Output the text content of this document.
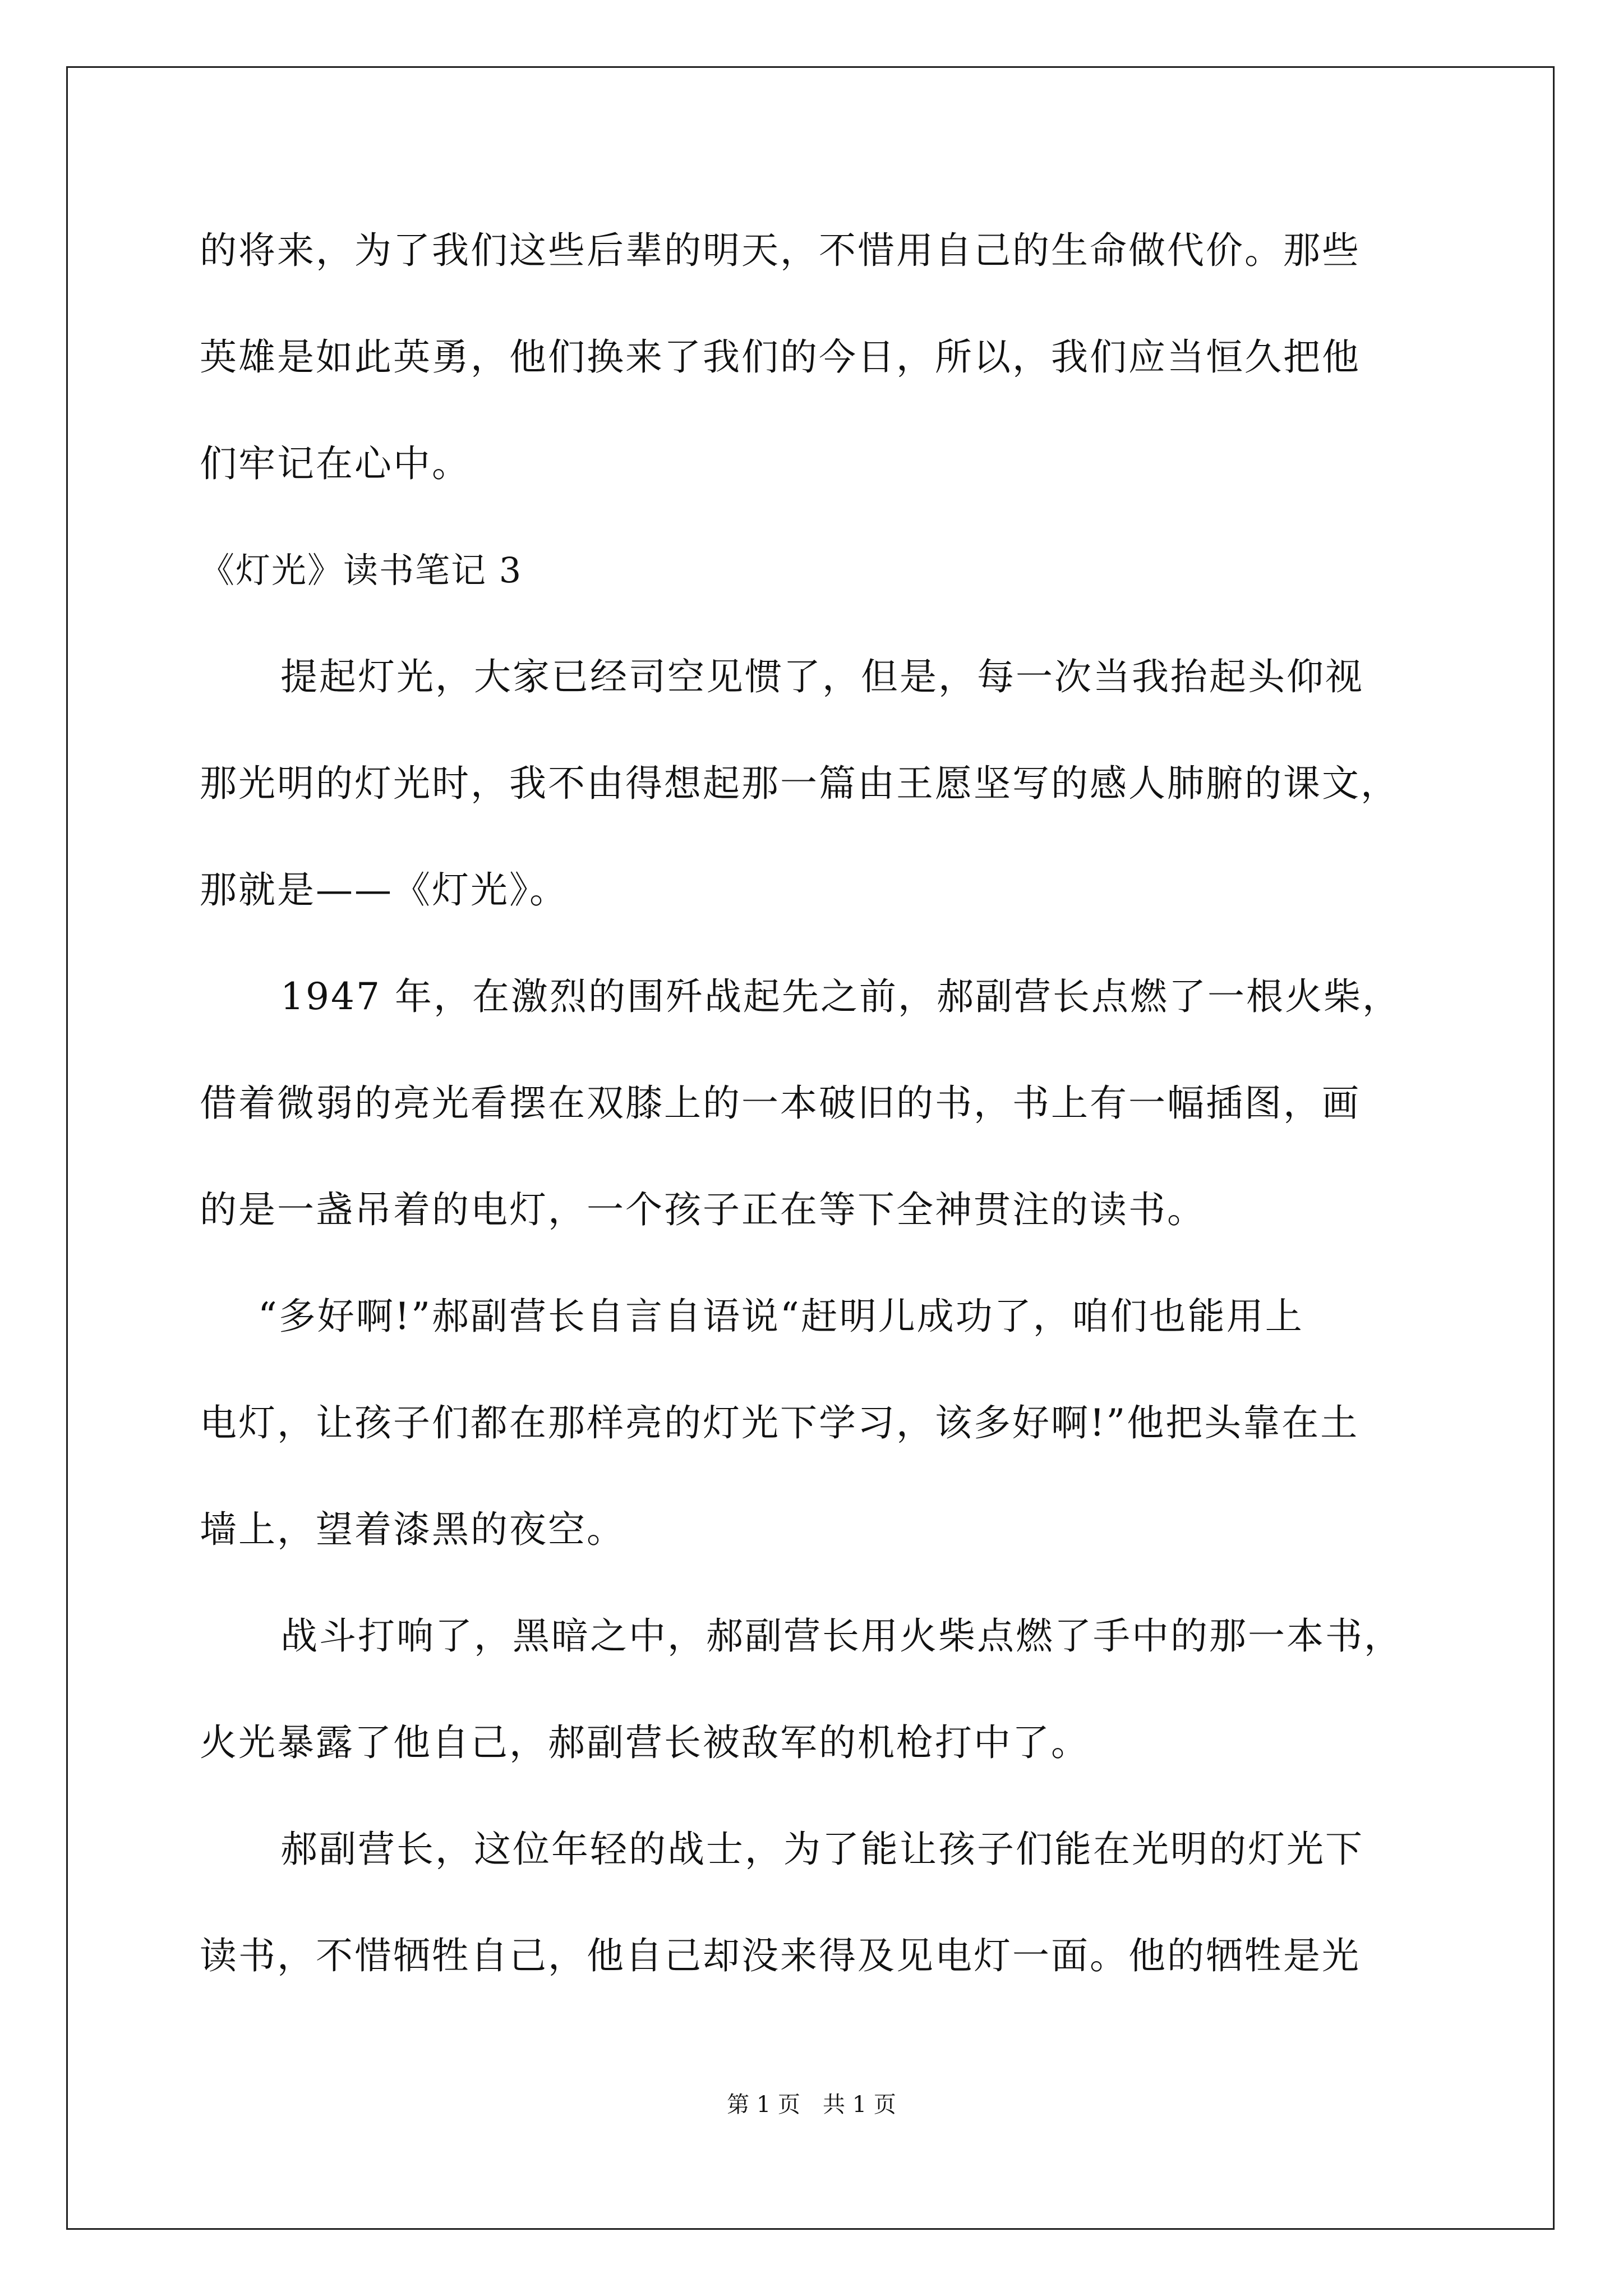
的将来，为了我们这些后辈的明天，不惜用自己的生命做代价。那些
英雄是如此英勇，他们换来了我们的今日，所以，我们应当恒久把他
们牢记在心中。
《灯光》读书笔记 3
提起灯光，大家已经司空见惯了，但是，每一次当我抬起头仰视
那光明的灯光时，我不由得想起那一篇由王愿坚写的感人肺腑的课文，
那就是——《灯光》。
1947 年，在激烈的围歼战起先之前，郝副营长点燃了一根火柴，
借着微弱的亮光看摆在双膝上的一本破旧的书，书上有一幅插图，画
的是一盏吊着的电灯，一个孩子正在等下全神贯注的读书。
“多好啊!”郝副营长自言自语说“赶明儿成功了，咱们也能用上
电灯，让孩子们都在那样亮的灯光下学习，该多好啊!”他把头靠在土
墙上，望着漆黑的夜空。
战斗打响了，黑暗之中，郝副营长用火柴点燃了手中的那一本书，
火光暴露了他自己，郝副营长被敌军的机枪打中了。
郝副营长，这位年轻的战士，为了能让孩子们能在光明的灯光下
读书，不惜牺牲自己，他自己却没来得及见电灯一面。他的牺牲是光
第 1 页 共 1 页
